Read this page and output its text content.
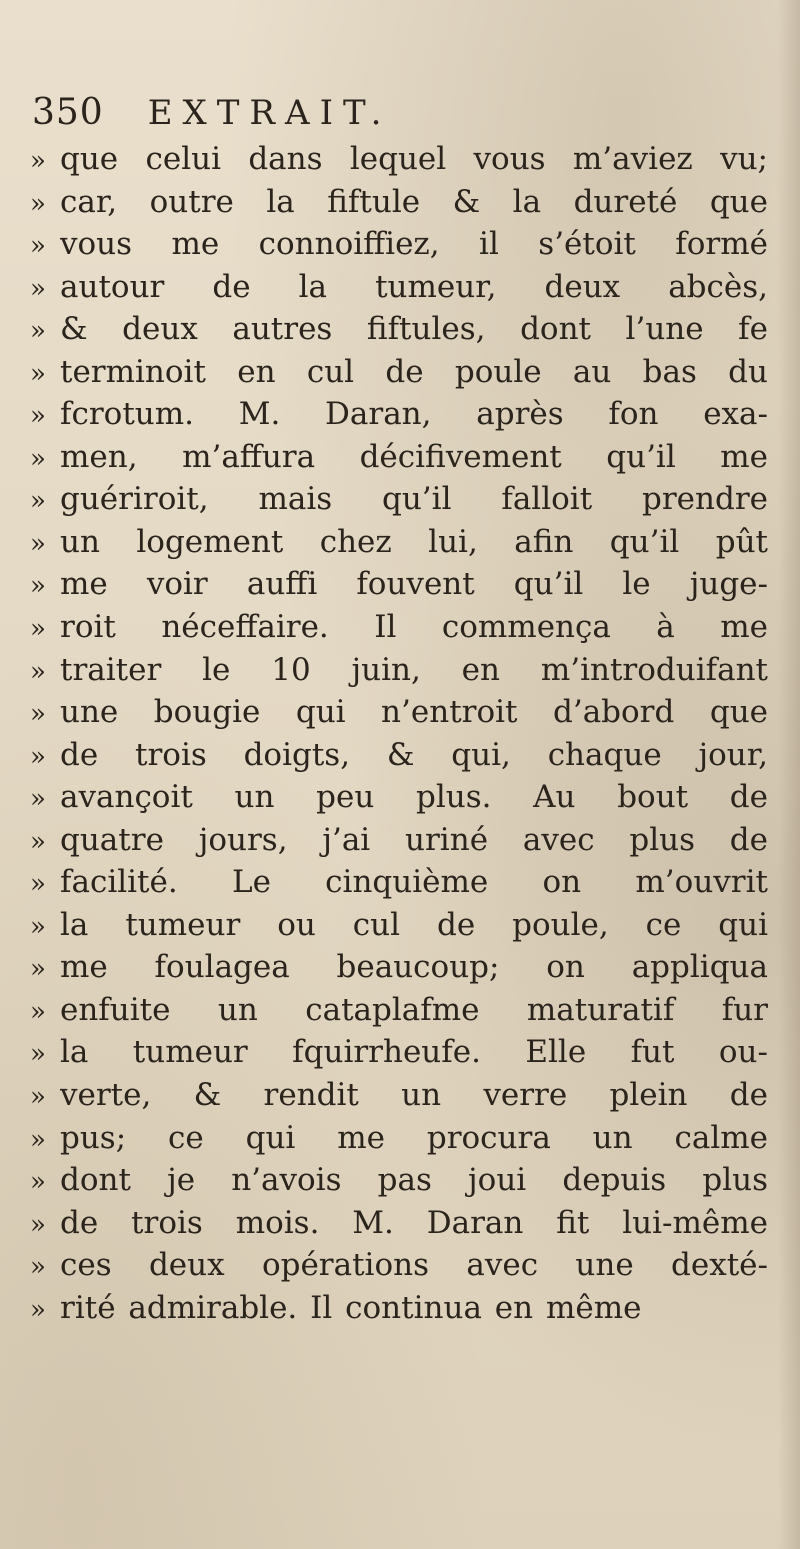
350 EXTRAIT.
» que celui dans lequel vous m’aviez vu;
» car, outre la fiftule & la dureté que
» vous me connoiffiez, il s’étoit formé
» autour de la tumeur, deux abcès,
» & deux autres fiftules, dont l’une fe
» terminoit en cul de poule au bas du
» fcrotum. M. Daran, après fon exa-
» men, m’affura décifivement qu’il me
» guériroit, mais qu’il falloit prendre
» un logement chez lui, afin qu’il pût
» me voir auffi fouvent qu’il le juge-
» roit néceffaire. Il commença à me
» traiter le 10 juin, en m’introduifant
» une bougie qui n’entroit d’abord que
» de trois doigts, & qui, chaque jour,
» avançoit un peu plus. Au bout de
» quatre jours, j’ai uriné avec plus de
» facilité. Le cinquième on m’ouvrit
» la tumeur ou cul de poule, ce qui
» me foulagea beaucoup; on appliqua
» enfuite un cataplafme maturatif fur
» la tumeur fquirrheufe. Elle fut ou-
» verte, & rendit un verre plein de
» pus; ce qui me procura un calme
» dont je n’avois pas joui depuis plus
» de trois mois. M. Daran fit lui-même
» ces deux opérations avec une dexté-
» rité admirable. Il continua en même
